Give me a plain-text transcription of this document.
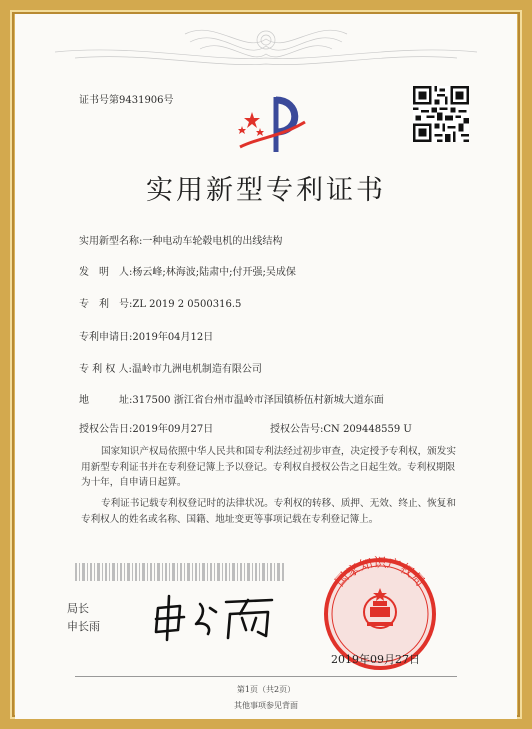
证书号第9431906号
实用新型专利证书
实用新型名称:一种电动车轮毂电机的出线结构
发　明　人:杨云峰;林海波;陆肃中;付开强;吴成保
专　利　号:ZL 2019 2 0500316.5
专利申请日:2019年04月12日
专 利 权 人:温岭市九洲电机制造有限公司
地　　　址:317500 浙江省台州市温岭市泽国镇桥伍村新城大道东面
授权公告日:2019年09月27日	授权公告号:CN 209448559 U
国家知识产权局依照中华人民共和国专利法经过初步审查，决定授予专利权，颁发实用新型专利证书并在专利登记簿上予以登记。专利权自授权公告之日起生效。专利权期限为十年，自申请日起算。
专利证书记载专利权登记时的法律状况。专利权的转移、质押、无效、终止、恢复和专利权人的姓名或名称、国籍、地址变更等事项记载在专利登记簿上。
局长
申长雨
国家知识产权局
2019年09月27日
第1页（共2页）
其他事项参见背面
